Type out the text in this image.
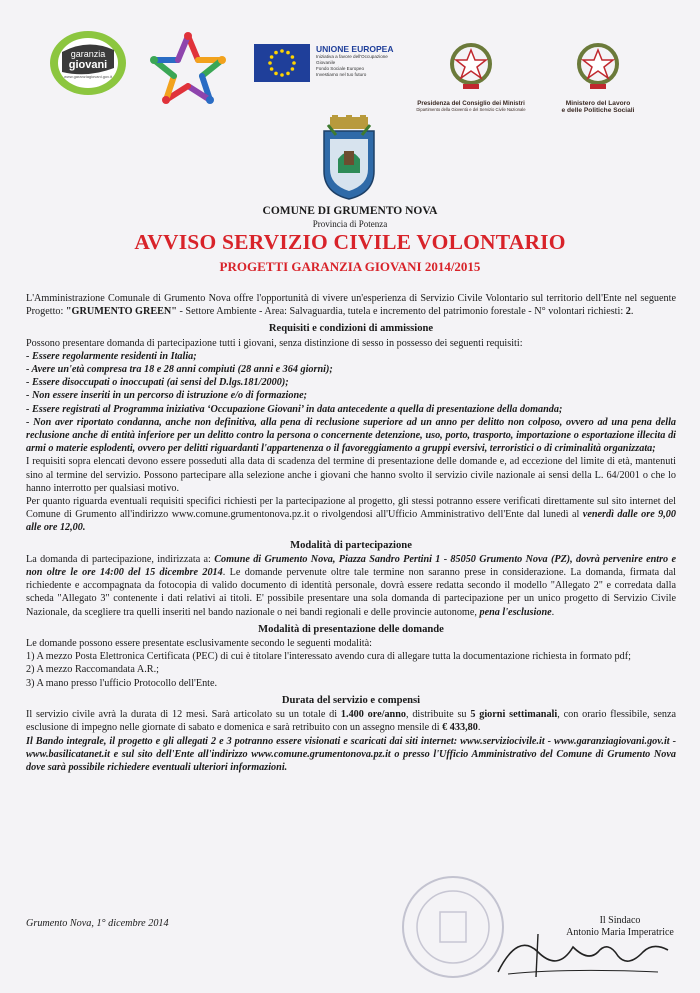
garanzia
giovani
www.garanziagiovani.gov.it
UNIONE EUROPEA
Iniziativa a favore dell'Occupazione Giovanile
Fondo Sociale Europeo
Investiamo nel tuo futuro
Presidenza del Consiglio dei Ministri
Dipartimento della Gioventù e del Servizio Civile Nazionale
Ministero del Lavoro
e delle Politiche Sociali
COMUNE DI GRUMENTO NOVA
Provincia di Potenza
AVVISO SERVIZIO CIVILE VOLONTARIO
PROGETTI GARANZIA GIOVANI 2014/2015

L'Amministrazione Comunale di Grumento Nova offre l'opportunità di vivere un'esperienza di Servizio Civile Volontario sul territorio dell'Ente nel seguente Progetto: "GRUMENTO GREEN" - Settore Ambiente - Area: Salvaguardia, tutela e incremento del patrimonio forestale - N° volontari richiesti: 2.

Requisiti e condizioni di ammissione

Possono presentare domanda di partecipazione tutti i giovani, senza distinzione di sesso in possesso dei seguenti requisiti:

- Essere regolarmente residenti in Italia;

- Avere un'età compresa tra 18 e 28 anni compiuti (28 anni e 364 giorni);

- Essere disoccupati o inoccupati (ai sensi del D.lgs.181/2000);

- Non essere inseriti in un percorso di istruzione e/o di formazione;

- Essere registrati al Programma iniziativa ‘Occupazione Giovani’ in data antecedente a quella di presentazione della domanda;

- Non aver riportato condanna, anche non definitiva, alla pena di reclusione superiore ad un anno per delitto non colposo, ovvero ad una pena della reclusione anche di entità inferiore per un delitto contro la persona o concernente detenzione, uso, porto, trasporto, importazione o esportazione illecita di armi o materie esplodenti, ovvero per delitti riguardanti l'appartenenza o il favoreggiamento a gruppi eversivi, terroristici o di criminalità organizzata;

I requisiti sopra elencati devono essere posseduti alla data di scadenza del termine di presentazione delle domande e, ad eccezione del limite di età, mantenuti sino al termine del servizio. Possono partecipare alla selezione anche i giovani che hanno svolto il servizio civile nazionale ai sensi della L. 64/2001 o che lo hanno interrotto per qualsiasi motivo.

Per quanto riguarda eventuali requisiti specifici richiesti per la partecipazione al progetto, gli stessi potranno essere verificati direttamente sul sito internet del Comune di Grumento all'indirizzo www.comune.grumentonova.pz.it o rivolgendosi all'Ufficio Amministrativo dell'Ente dal lunedì al venerdì dalle ore 9,00 alle ore 12,00.

Modalità di partecipazione

La domanda di partecipazione, indirizzata a: Comune di Grumento Nova, Piazza Sandro Pertini 1 - 85050 Grumento Nova (PZ), dovrà pervenire entro e non oltre le ore 14:00 del 15 dicembre 2014. Le domande pervenute oltre tale termine non saranno prese in considerazione. La domanda, firmata dal richiedente e accompagnata da fotocopia di valido documento di identità personale, dovrà essere redatta secondo il modello "Allegato 2" e corredata dalla scheda "Allegato 3" contenente i dati relativi ai titoli. E' possibile presentare una sola domanda di partecipazione per un unico progetto di Servizio Civile Nazionale, da scegliere tra quelli inseriti nel bando nazionale o nei bandi regionali e delle provincie autonome, pena l'esclusione.

Modalità di presentazione delle domande

Le domande possono essere presentate esclusivamente secondo le seguenti modalità:

1) A mezzo Posta Elettronica Certificata (PEC) di cui è titolare l'interessato avendo cura di allegare tutta la documentazione richiesta in formato pdf;

2) A mezzo Raccomandata A.R.;

3) A mano presso l'ufficio Protocollo dell'Ente.

Durata del servizio e compensi

Il servizio civile avrà la durata di 12 mesi. Sarà articolato su un totale di 1.400 ore/anno, distribuite su 5 giorni settimanali, con orario flessibile, senza esclusione di impegno nelle giornate di sabato e domenica e sarà retribuito con un assegno mensile di € 433,80.

Il Bando integrale, il progetto e gli allegati 2 e 3 potranno essere visionati e scaricati dai siti internet: www.serviziocivile.it - www.garanziagiovani.gov.it - www.basilicatanet.it e sul sito dell'Ente all'indirizzo www.comune.grumentonova.pz.it o presso l'Ufficio Amministrativo del Comune di Grumento Nova dove sarà possibile richiedere eventuali ulteriori informazioni.

Grumento Nova, 1° dicembre 2014	Il Sindaco
Antonio Maria Imperatrice
